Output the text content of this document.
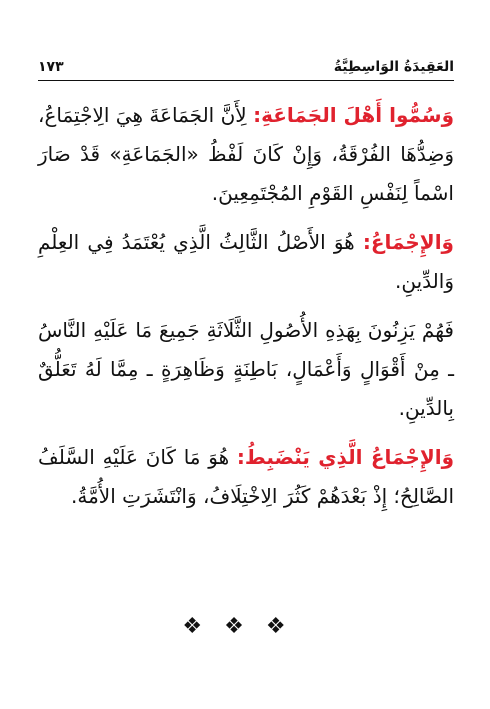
العَقِيدَةُ الوَاسِطِيَّةُ
١٧٣

وَسُمُّوا أَهْلَ الجَمَاعَةِ: لِأَنَّ الجَمَاعَةَ هِيَ الِاجْتِمَاعُ، وَضِدُّهَا الفُرْقَةُ، وَإِنْ كَانَ لَفْظُ «الجَمَاعَةِ» قَدْ صَارَ اسْماً لِنَفْسِ القَوْمِ المُجْتَمِعِينَ.

وَالإِجْمَاعُ: هُوَ الأَصْلُ الثَّالِثُ الَّذِي يُعْتَمَدُ فِي العِلْمِ وَالدِّينِ.

فَهُمْ يَزِنُونَ بِهَذِهِ الأُصُولِ الثَّلَاثَةِ جَمِيعَ مَا عَلَيْهِ النَّاسُ ـ مِنْ أَقْوَالٍ وَأَعْمَالٍ، بَاطِنَةٍ وَظَاهِرَةٍ ـ مِمَّا لَهُ تَعَلُّقٌ بِالدِّينِ.

وَالإِجْمَاعُ الَّذِي يَنْضَبِطُ: هُوَ مَا كَانَ عَلَيْهِ السَّلَفُ الصَّالِحُ؛ إِذْ بَعْدَهُمْ كَثُرَ الِاخْتِلَافُ، وَانْتَشَرَتِ الأُمَّةُ.

❖❖❖
